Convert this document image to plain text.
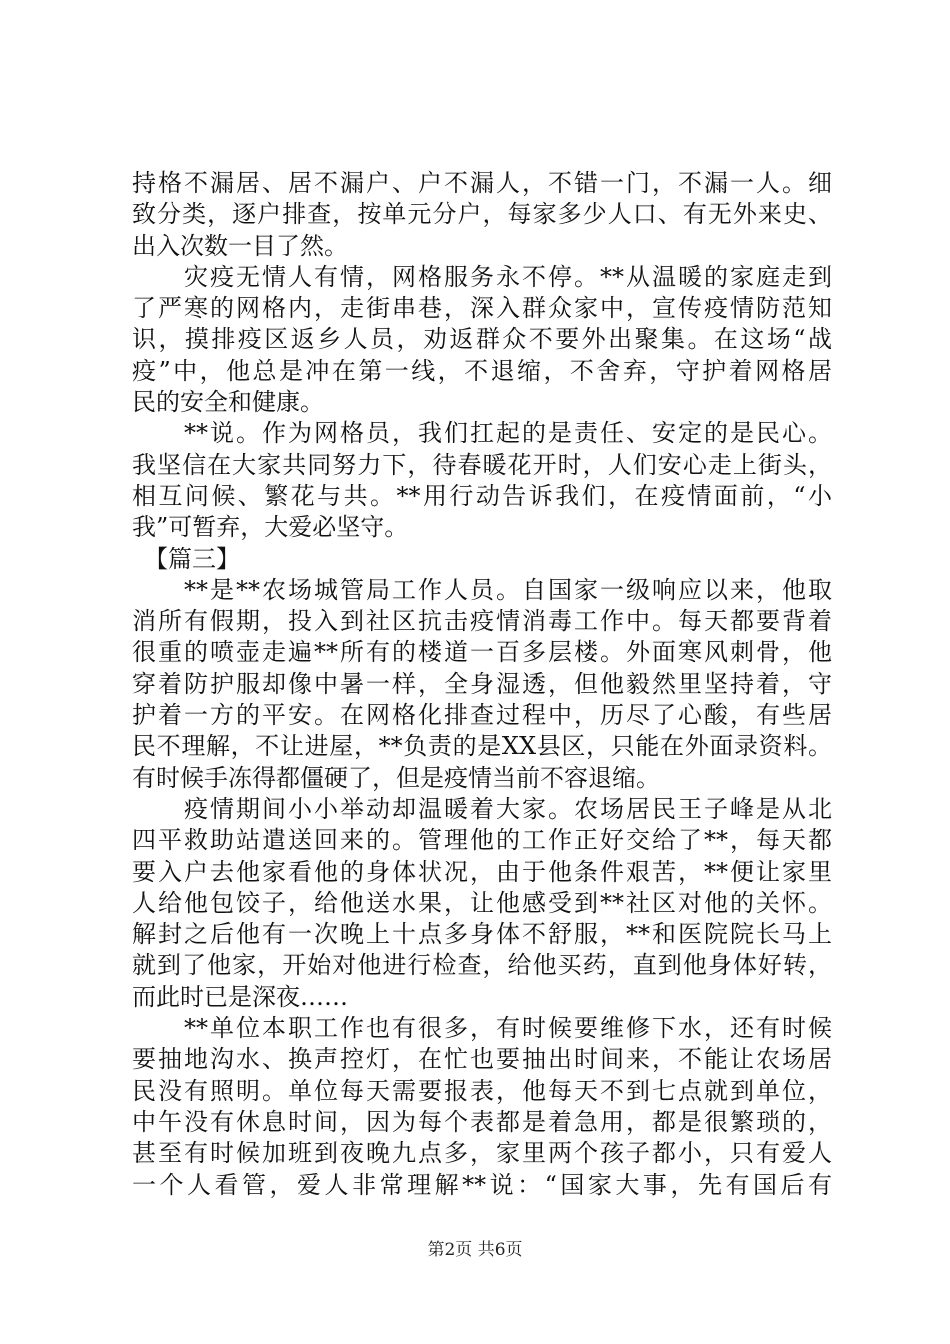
持格不漏居、居不漏户、户不漏人，不错一门，不漏一人。细
致分类，逐户排查，按单元分户，每家多少人口、有无外来史、
出入次数一目了然。
　　灾疫无情人有情，网格服务永不停。**从温暖的家庭走到
了严寒的网格内，走街串巷，深入群众家中，宣传疫情防范知
识，摸排疫区返乡人员，劝返群众不要外出聚集。在这场“战
疫”中，他总是冲在第一线，不退缩，不舍弃，守护着网格居
民的安全和健康。
　　**说。作为网格员，我们扛起的是责任、安定的是民心。
我坚信在大家共同努力下，待春暖花开时，人们安心走上街头，
相互问候、繁花与共。**用行动告诉我们，在疫情面前，“小
我”可暂弃，大爱必坚守。
　【篇三】
　　**是**农场城管局工作人员。自国家一级响应以来，他取
消所有假期，投入到社区抗击疫情消毒工作中。每天都要背着
很重的喷壶走遍**所有的楼道一百多层楼。外面寒风刺骨，他
穿着防护服却像中暑一样，全身湿透，但他毅然里坚持着，守
护着一方的平安。在网格化排查过程中，历尽了心酸，有些居
民不理解，不让进屋，**负责的是XX县区，只能在外面录资料。
有时候手冻得都僵硬了，但是疫情当前不容退缩。
　　疫情期间小小举动却温暖着大家。农场居民王子峰是从北
四平救助站遣送回来的。管理他的工作正好交给了**，每天都
要入户去他家看他的身体状况，由于他条件艰苦，**便让家里
人给他包饺子，给他送水果，让他感受到**社区对他的关怀。
解封之后他有一次晚上十点多身体不舒服，**和医院院长马上
就到了他家，开始对他进行检查，给他买药，直到他身体好转，
而此时已是深夜……
　　**单位本职工作也有很多，有时候要维修下水，还有时候
要抽地沟水、换声控灯，在忙也要抽出时间来，不能让农场居
民没有照明。单位每天需要报表，他每天不到七点就到单位，
中午没有休息时间，因为每个表都是着急用，都是很繁琐的，
甚至有时候加班到夜晚九点多，家里两个孩子都小，只有爱人
一个人看管，爱人非常理解**说：“国家大事，先有国后有
第2页 共6页
